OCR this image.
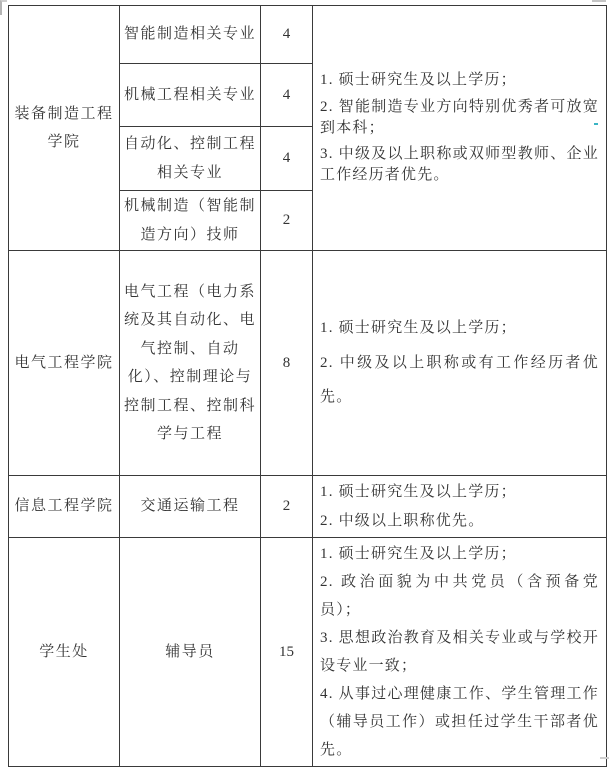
装备制造工程学院	智能制造相关专业	4	1. 硕士研究生及以上学历；

2. 智能制造专业方向特别优秀者可放宽到本科；

3. 中级及以上职称或双师型教师、企业工作经历者优先。

	机械工程相关专业	4	
	自动化、控制工程相关专业	4	
	机械制造（智能制造方向）技师	2	
电气工程学院	电气工程（电力系统及其自动化、电气控制、自动化）、控制理论与控制工程、控制科学与工程	8	1. 硕士研究生及以上学历；

2. 中级及以上职称或有工作经历者优先。

信息工程学院	交通运输工程	2	1. 硕士研究生及以上学历；

2. 中级以上职称优先。

学生处	辅导员	15	1. 硕士研究生及以上学历；

2. 政治面貌为中共党员（含预备党员）；

3. 思想政治教育及相关专业或与学校开设专业一致；

4. 从事过心理健康工作、学生管理工作（辅导员工作）或担任过学生干部者优先。
